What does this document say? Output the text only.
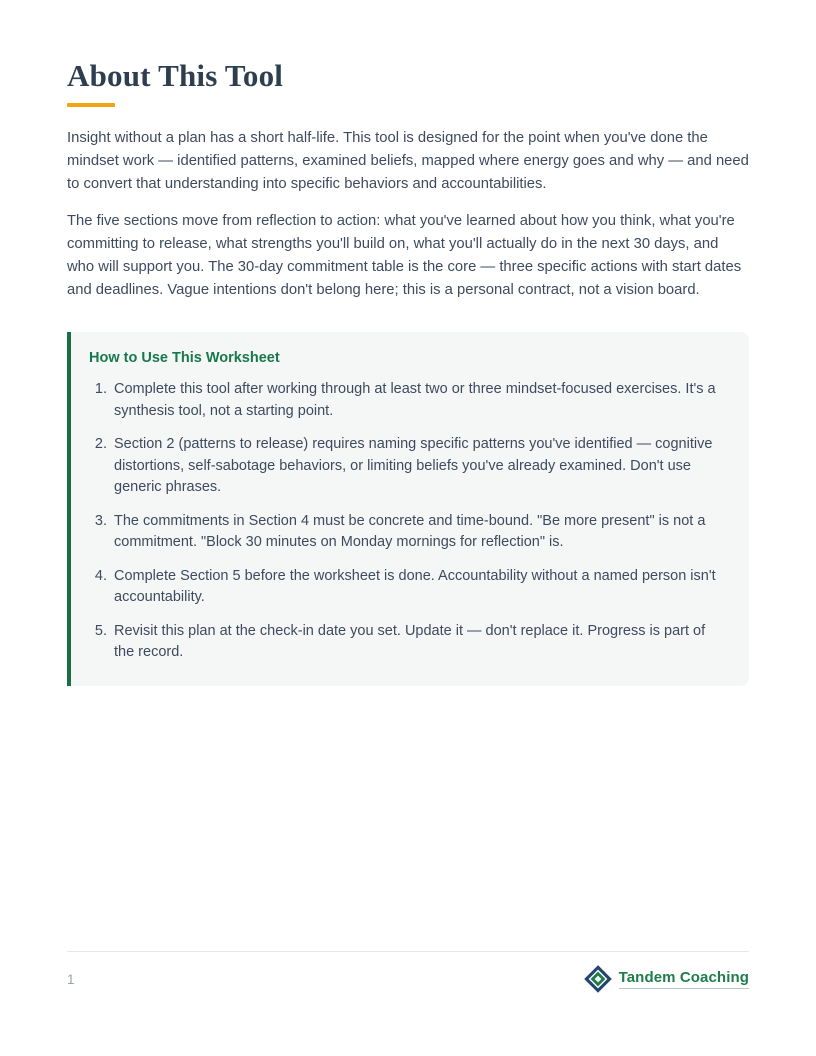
About This Tool

Insight without a plan has a short half-life. This tool is designed for the point when you've done the mindset work — identified patterns, examined beliefs, mapped where energy goes and why — and need to convert that understanding into specific behaviors and accountabilities.

The five sections move from reflection to action: what you've learned about how you think, what you're committing to release, what strengths you'll build on, what you'll actually do in the next 30 days, and who will support you. The 30-day commitment table is the core — three specific actions with start dates and deadlines. Vague intentions don't belong here; this is a personal contract, not a vision board.

How to Use This Worksheet
1. Complete this tool after working through at least two or three mindset-focused exercises. It's a synthesis tool, not a starting point.
2. Section 2 (patterns to release) requires naming specific patterns you've identified — cognitive distortions, self-sabotage behaviors, or limiting beliefs you've already examined. Don't use generic phrases.
3. The commitments in Section 4 must be concrete and time-bound. "Be more present" is not a commitment. "Block 30 minutes on Monday mornings for reflection" is.
4. Complete Section 5 before the worksheet is done. Accountability without a named person isn't accountability.
5. Revisit this plan at the check-in date you set. Update it — don't replace it. Progress is part of the record.
1	Tandem Coaching
